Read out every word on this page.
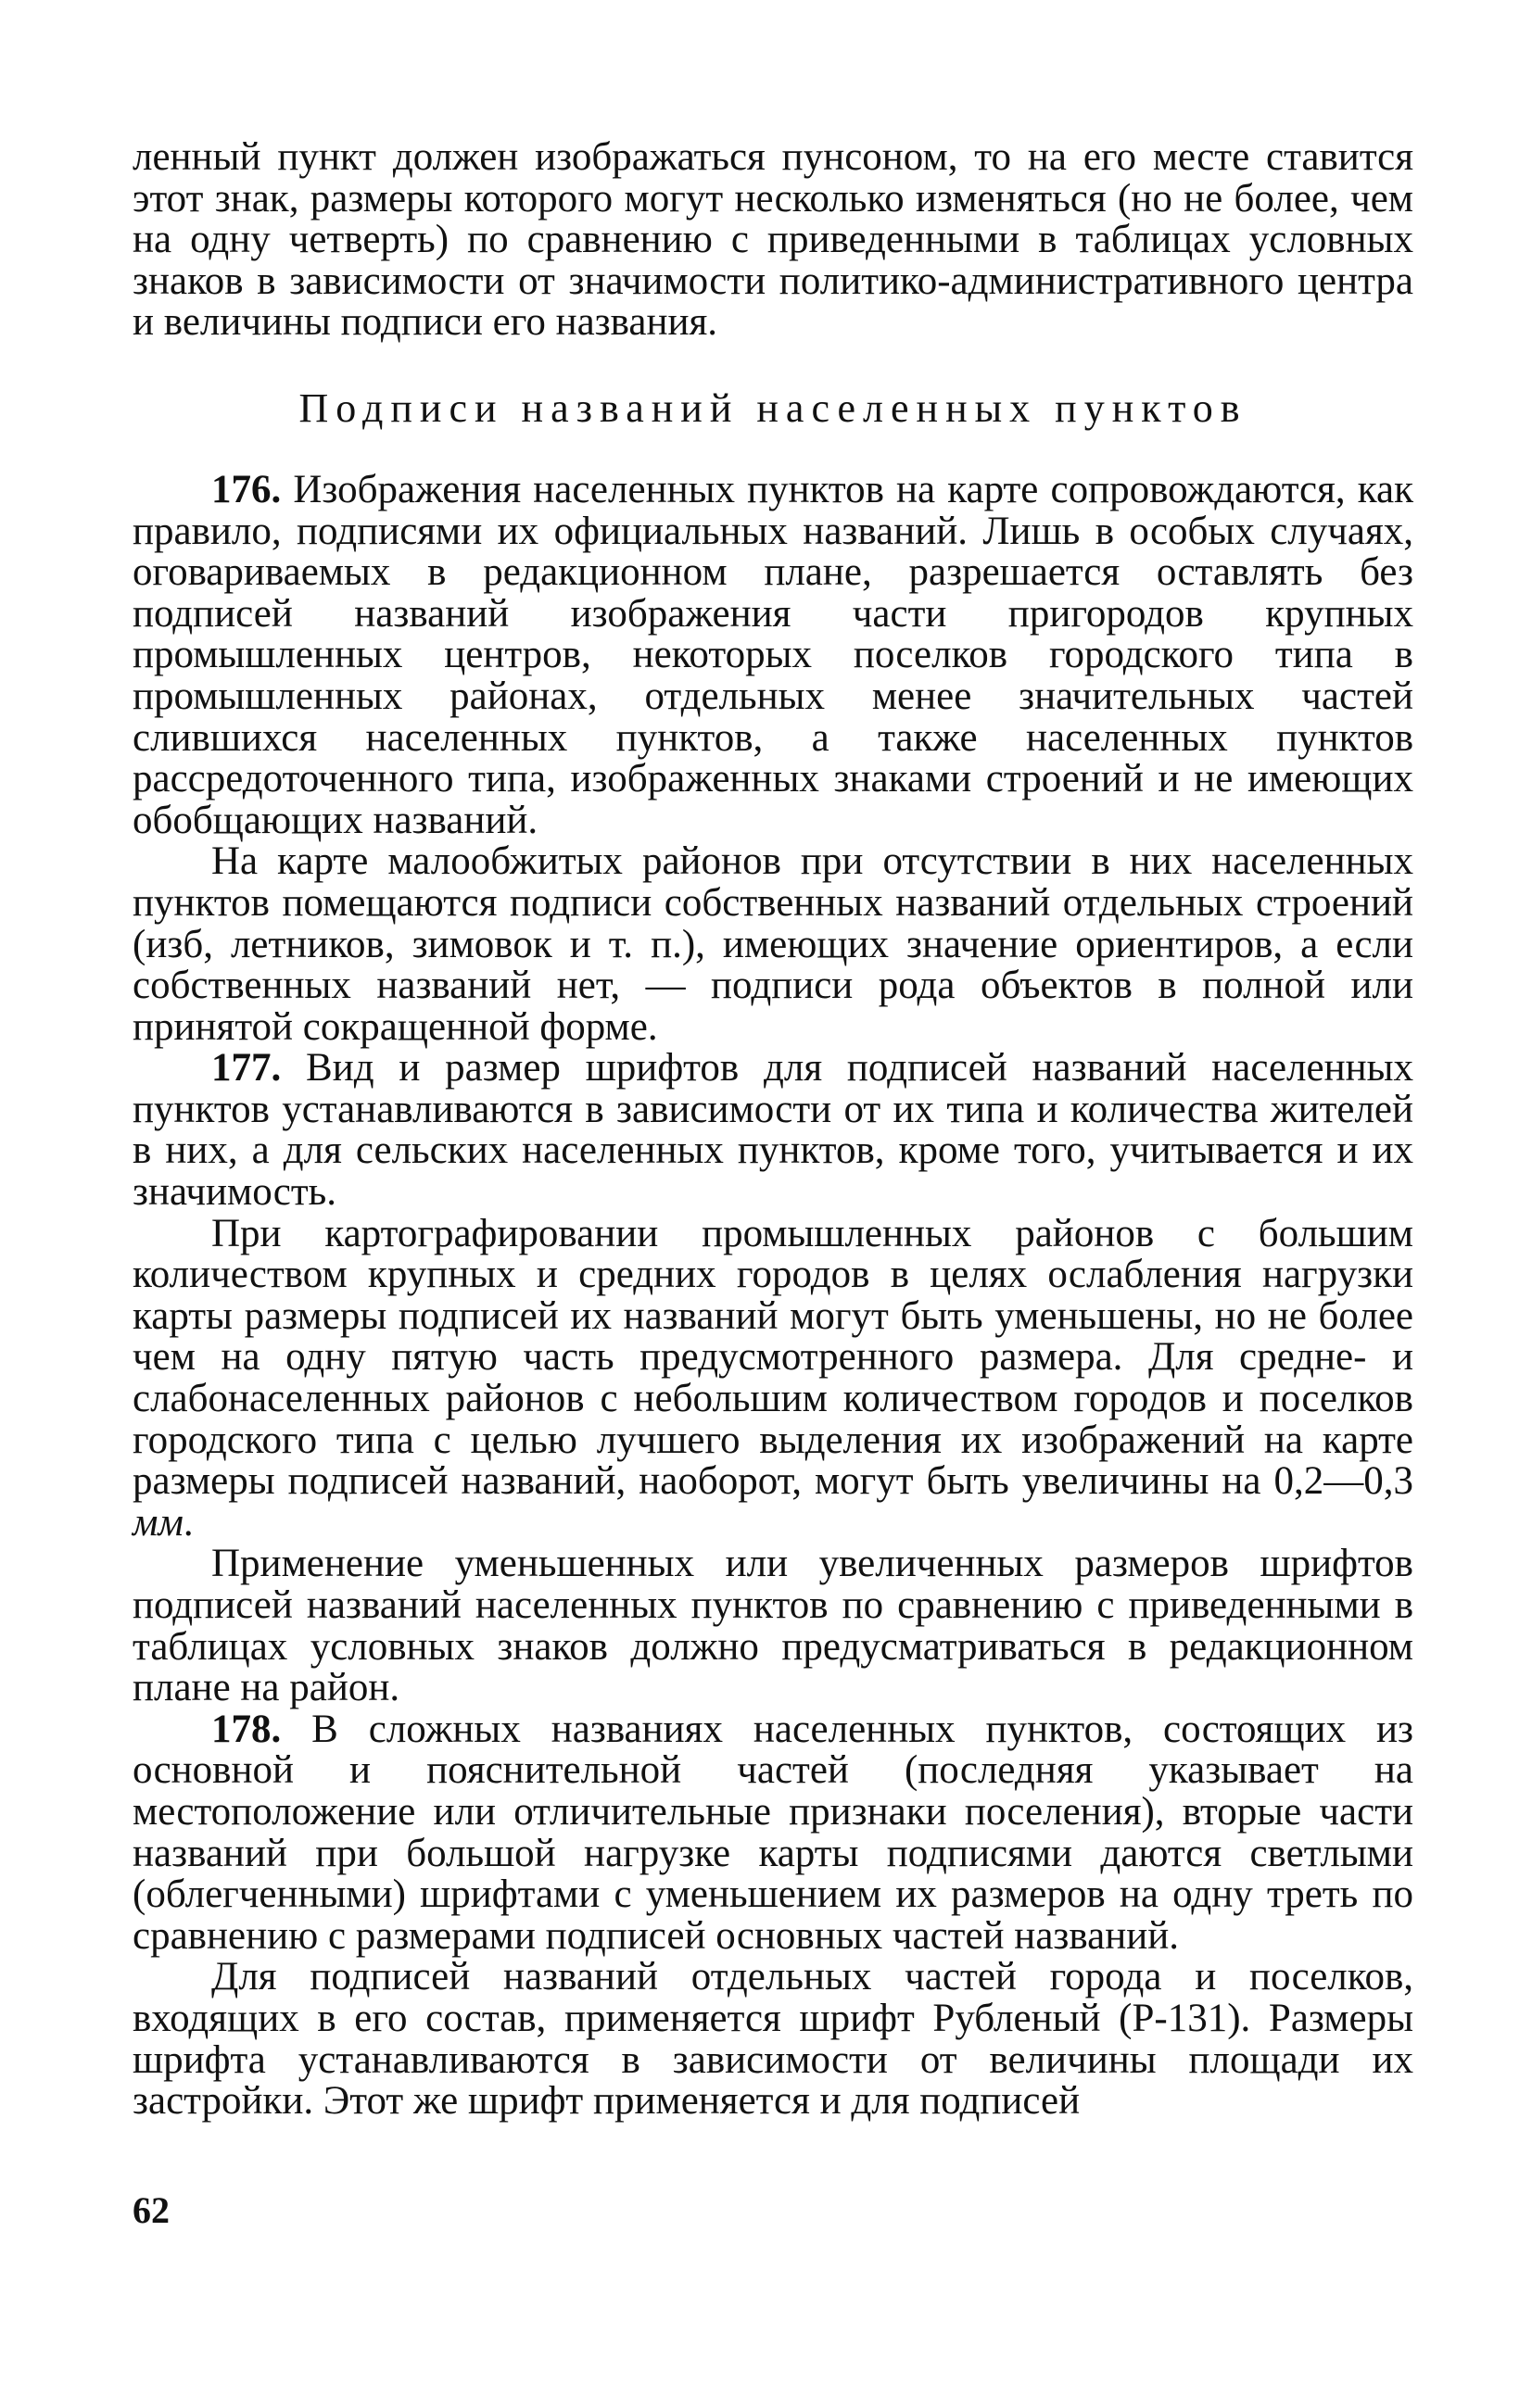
ленный пункт должен изображаться пунсоном, то на его месте ставится этот знак, размеры которого могут несколько изменяться (но не более, чем на одну четверть) по сравнению с приведенными в таблицах условных знаков в зависимости от значимости политико-административного центра и величины подписи его названия.

Подписи названий населенных пунктов

176. Изображения населенных пунктов на карте сопровождаются, как правило, подписями их официальных названий. Лишь в особых случаях, оговариваемых в редакционном плане, разрешается оставлять без подписей названий изображения части пригородов крупных промышленных центров, некоторых поселков городского типа в промышленных районах, отдельных менее значительных частей слившихся населенных пунктов, а также населенных пунктов рассредоточенного типа, изображенных знаками строений и не имеющих обобщающих названий.

На карте малообжитых районов при отсутствии в них населенных пунктов помещаются подписи собственных названий отдельных строений (изб, летников, зимовок и т. п.), имеющих значение ориентиров, а если собственных названий нет, — подписи рода объектов в полной или принятой сокращенной форме.

177. Вид и размер шрифтов для подписей названий населенных пунктов устанавливаются в зависимости от их типа и количества жителей в них, а для сельских населенных пунктов, кроме того, учитывается и их значимость.

При картографировании промышленных районов с большим количеством крупных и средних городов в целях ослабления нагрузки карты размеры подписей их названий могут быть уменьшены, но не более чем на одну пятую часть предусмотренного размера. Для средне- и слабонаселенных районов с небольшим количеством городов и поселков городского типа с целью лучшего выделения их изображений на карте размеры подписей названий, наоборот, могут быть увеличины на 0,2—0,3 мм.

Применение уменьшенных или увеличенных размеров шрифтов подписей названий населенных пунктов по сравнению с приведенными в таблицах условных знаков должно предусматриваться в редакционном плане на район.

178. В сложных названиях населенных пунктов, состоящих из основной и пояснительной частей (последняя указывает на местоположение или отличительные признаки поселения), вторые части названий при большой нагрузке карты подписями даются светлыми (облегченными) шрифтами с уменьшением их размеров на одну треть по сравнению с размерами подписей основных частей названий.

Для подписей названий отдельных частей города и поселков, входящих в его состав, применяется шрифт Рубленый (Р-131). Размеры шрифта устанавливаются в зависимости от величины площади их застройки. Этот же шрифт применяется и для подписей

62
